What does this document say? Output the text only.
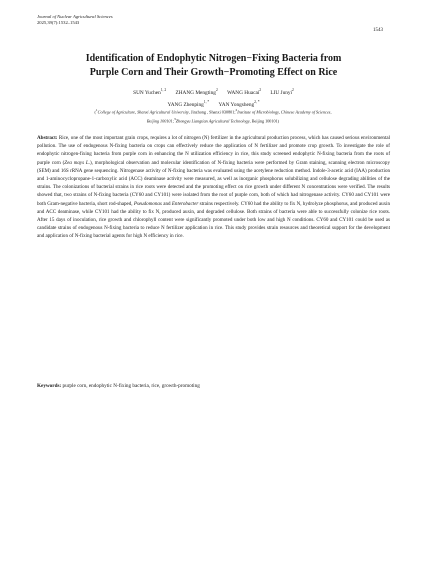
Journal of Nuclear Agricultural Sciences
2025,39(7):1532–1543
1543
Identification of Endophytic Nitrogen−Fixing Bacteria from
Purple Corn and Their Growth−Promoting Effect on Rice
SUN Yuchen$^{1, 2}$ ZHANG Mengting$^2$ WANG Huacai$^2$ LIU Junyi$^2$
YANG Zhenping$^{1, *}$ YAN Yongsheng$^{2, *}$
($^1$College of Agriculture, Shanxi Agricultural University, Jinzhong , Shanxi 030801;$^2$Institute of Microbiology, Chinese Academy of Sciences,
Beijing 100101;$^3$Zhongyu Liangtian Agricultural Technology, Beijing 100101)
Abstract: Rice, one of the most important grain crops, requires a lot of nitrogen (N) fertilizer in the agricultural production process, which has caused serious environmental pollution. The use of endogenous N-fixing bacteria on crops can effectively reduce the application of N fertilizer and promote crop growth. To investigate the role of endophytic nitrogen-fixing bacteria from purple corn in enhancing the N utilization efficiency in rice, this study screened endophytic N-fixing bacteria from the roots of purple corn (Zea mays L.), morphological observation and molecular identification of N-fixing bacteria were performed by Gram staining, scanning electron microscopy (SEM) and 16S rRNA gene sequencing. Nitrogenase activity of N-fixing bacteria was evaluated using the acetylene reduction method. Indole-3-acetic acid (IAA) production and 1-aminocyclopropane-1-carboxylic acid (ACC) deaminase activity were measured, as well as inorganic phosphorus solubilizing and cellulose degrading abilities of the strains. The colonizations of bacterial strains in rice roots were detected and the promoting effect on rice growth under different N concentrations were verified. The results showed that, two strains of N-fixing bacteria (CY60 and CY101) were isolated from the root of purple corn, both of which had nitrogenase activity. CY60 and CY101 were both Gram-negative bacteria, short rod-shaped, Pseudomonas and Enterobacter strains respectively. CY60 had the ability to fix N, hydrolyze phosphorus, and produced auxin and ACC deaminase, while CY101 had the ability to fix N, produced auxin, and degraded cellulose. Both strains of bacteria were able to successfully colonize rice roots. After 15 days of inoculation, rice growth and chlorophyll content were significantly promoted under both low and high N conditions. CY60 and CY101 could be used as candidate strains of endogenous N-fixing bacteria to reduce N fertilizer application in rice. This study provides strain resources and theoretical support for the development and application of N-fixing bacterial agents for high N efficiency in rice.
Keywords: purple corn, endophytic N-fixing bacteria, rice, growth-promoting
